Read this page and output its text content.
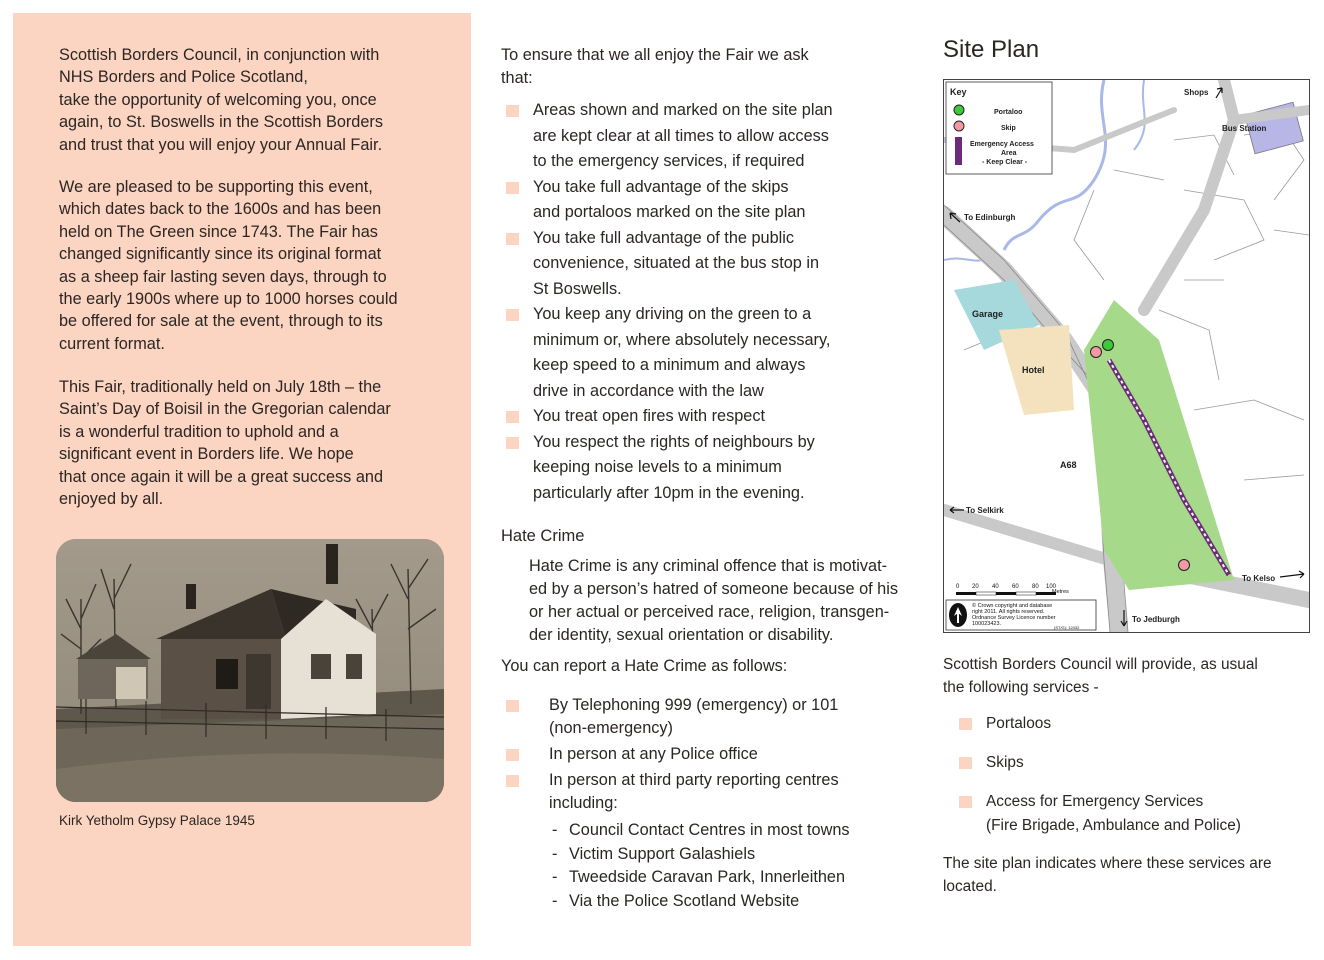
Scottish Borders Council, in conjunction with

NHS Borders and Police Scotland,

take the opportunity of welcoming you, once

again, to St. Boswells in the Scottish Borders

and trust that you will enjoy your Annual Fair.

We are pleased to be supporting this event,

which dates back to the 1600s and has been

held on The Green since 1743. The Fair has

changed significantly since its original format

as a sheep fair lasting seven days, through to

the early 1900s where up to 1000 horses could

be offered for sale at the event, through to its

current format.

This Fair, traditionally held on July 18th – the

Saint’s Day of Boisil in the Gregorian calendar

is a wonderful tradition to uphold and a

significant event in Borders life. We hope

that once again it will be a great success and

enjoyed by all.

Kirk Yetholm Gypsy Palace 1945
To ensure that we all enjoy the Fair we ask
that:
Areas shown and marked on the site plan
are kept clear at all times to allow access
to the emergency services, if required
You take full advantage of the skips
and portaloos marked on the site plan
You take full advantage of the public
convenience, situated at the bus stop in
St Boswells.
You keep any driving on the green to a
minimum or, where absolutely necessary,
keep speed to a minimum and always
drive in accordance with the law
You treat open fires with respect
You respect the rights of neighbours by
keeping noise levels to a minimum
particularly after 10pm in the evening.
Hate Crime
Hate Crime is any criminal offence that is motivat-
ed by a person’s hatred of someone because of his
or her actual or perceived race, religion, transgen-
der identity, sexual orientation or disability.
You can report a Hate Crime as follows:
By Telephoning 999 (emergency) or 101
(non-emergency)
In person at any Police office
In person at third party reporting centres
including:
- Council Contact Centres in most towns
- Victim Support Galashiels
- Tweedside Caravan Park, Innerleithen
- Via the Police Scotland Website
Site Plan
Key
Portaloo
Skip
Emergency Access
Area
- Keep Clear -
Shops
Bus Station
To Edinburgh
Garage
Hotel
A68
To Selkirk
To Kelso
To Jedburgh
0 20 40 60 80 100
Metres
© Crown copyright and database
right 2011. All rights reserved.
Ordnance Survey Licence number
100023423.
(ST/G): 12432
Scottish Borders Council will provide, as usual
the following services -
Portaloos
Skips
Access for Emergency Services
(Fire Brigade, Ambulance and Police)
The site plan indicates where these services are
located.
